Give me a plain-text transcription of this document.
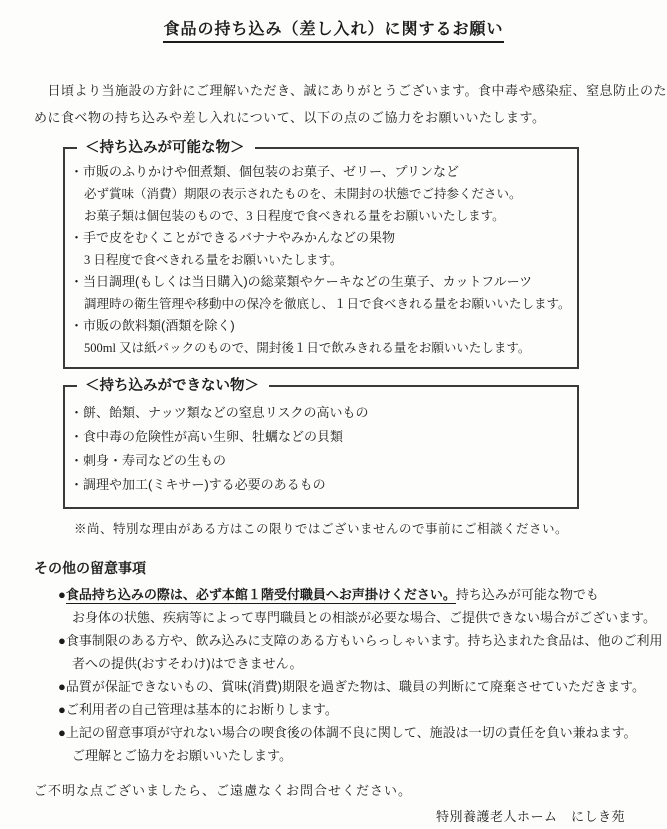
食品の持ち込み（差し入れ）に関するお願い

　日頃より当施設の方針にご理解いただき、誠にありがとうございます。食中毒や感染症、窒息防止のた
めに食べ物の持ち込みや差し入れについて、以下の点のご協力をお願いいたします。

＜持ち込みが可能な物＞
・市販のふりかけや佃煮類、個包装のお菓子、ゼリー、プリンなど
必ず賞味（消費）期限の表示されたものを、未開封の状態でご持参ください。
お菓子類は個包装のもので、3 日程度で食べきれる量をお願いいたします。
・手で皮をむくことができるバナナやみかんなどの果物
3 日程度で食べきれる量をお願いいたします。
・当日調理(もしくは当日購入)の総菜類やケーキなどの生菓子、カットフルーツ
調理時の衛生管理や移動中の保冷を徹底し、１日で食べきれる量をお願いいたします。
・市販の飲料類(酒類を除く)
500ml 又は紙パックのもので、開封後１日で飲みきれる量をお願いいたします。
＜持ち込みができない物＞
・餅、飴類、ナッツ類などの窒息リスクの高いもの
・食中毒の危険性が高い生卵、牡蠣などの貝類
・刺身・寿司などの生もの
・調理や加工(ミキサー)する必要のあるもの
※尚、特別な理由がある方はこの限りではございませんので事前にご相談ください。
その他の留意事項
●食品持ち込みの際は、必ず本館１階受付職員へお声掛けください。持ち込みが可能な物でも
お身体の状態、疾病等によって専門職員との相談が必要な場合、ご提供できない場合がございます。
●食事制限のある方や、飲み込みに支障のある方もいらっしゃいます。持ち込まれた食品は、他のご利用
者への提供(おすそわけ)はできません。
●品質が保証できないもの、賞味(消費)期限を過ぎた物は、職員の判断にて廃棄させていただきます。
●ご利用者の自己管理は基本的にお断りします。
●上記の留意事項が守れない場合の喫食後の体調不良に関して、施設は一切の責任を負い兼ねます。
ご理解とご協力をお願いいたします。
ご不明な点ございましたら、ご遠慮なくお問合せください。
特別養護老人ホーム　にしき苑
